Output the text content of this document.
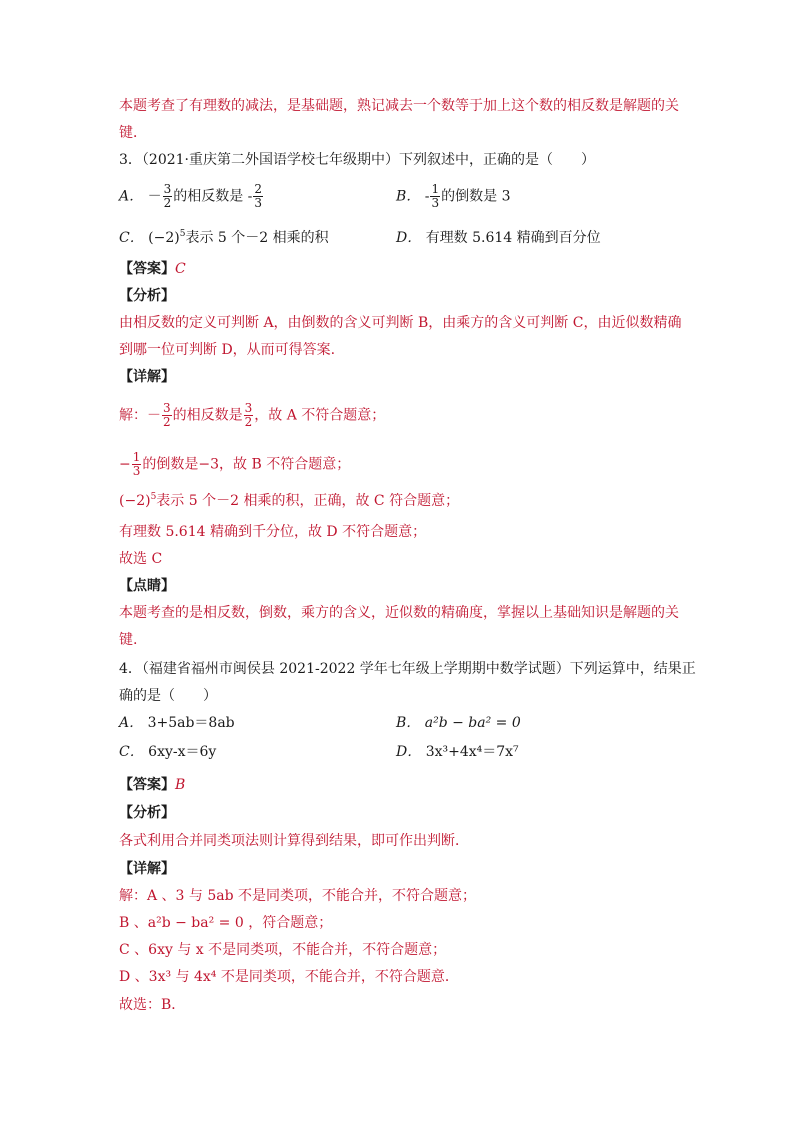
本题考查了有理数的减法，是基础题，熟记减去一个数等于加上这个数的相反数是解题的关
键．
3．（2021·重庆第二外国语学校七年级期中）下列叙述中，正确的是（　　）
A． － $\frac{3}{2}$ 的相反数是 - $\frac{2}{3}$	B． - $\frac{1}{3}$ 的倒数是 3
C． $(-2)^5$表示 5 个－2 相乘的积	D． 有理数 5.614 精确到百分位
【答案】C
【分析】
由相反数的定义可判断 A，由倒数的含义可判断 B，由乘方的含义可判断 C，由近似数精确
到哪一位可判断 D，从而可得答案.
【详解】
解：－ $\frac{3}{2}$ 的相反数是 $\frac{3}{2}$ ，故 A 不符合题意；
− $\frac{1}{3}$ 的倒数是−3，故 B 不符合题意；
$(-2)^5$表示 5 个－2 相乘的积，正确，故 C 符合题意；
有理数 5.614 精确到千分位，故 D 不符合题意；
故选 C
【点睛】
本题考查的是相反数，倒数，乘方的含义，近似数的精确度，掌握以上基础知识是解题的关
键.
4．（福建省福州市闽侯县 2021-2022 学年七年级上学期期中数学试题）下列运算中，结果正
确的是（　　）
A． 3+5ab＝8ab	B． a²b − ba² = 0
C． 6xy-x＝6y	D． 3x³+4x⁴＝7x⁷
【答案】B
【分析】
各式利用合并同类项法则计算得到结果，即可作出判断．
【详解】
解：A 、3 与 5ab 不是同类项，不能合并，不符合题意；
B 、a²b − ba² = 0 ，符合题意；
C 、6xy 与 x 不是同类项，不能合并，不符合题意；
D 、3x³ 与 4x⁴ 不是同类项，不能合并，不符合题意．
故选：B．
